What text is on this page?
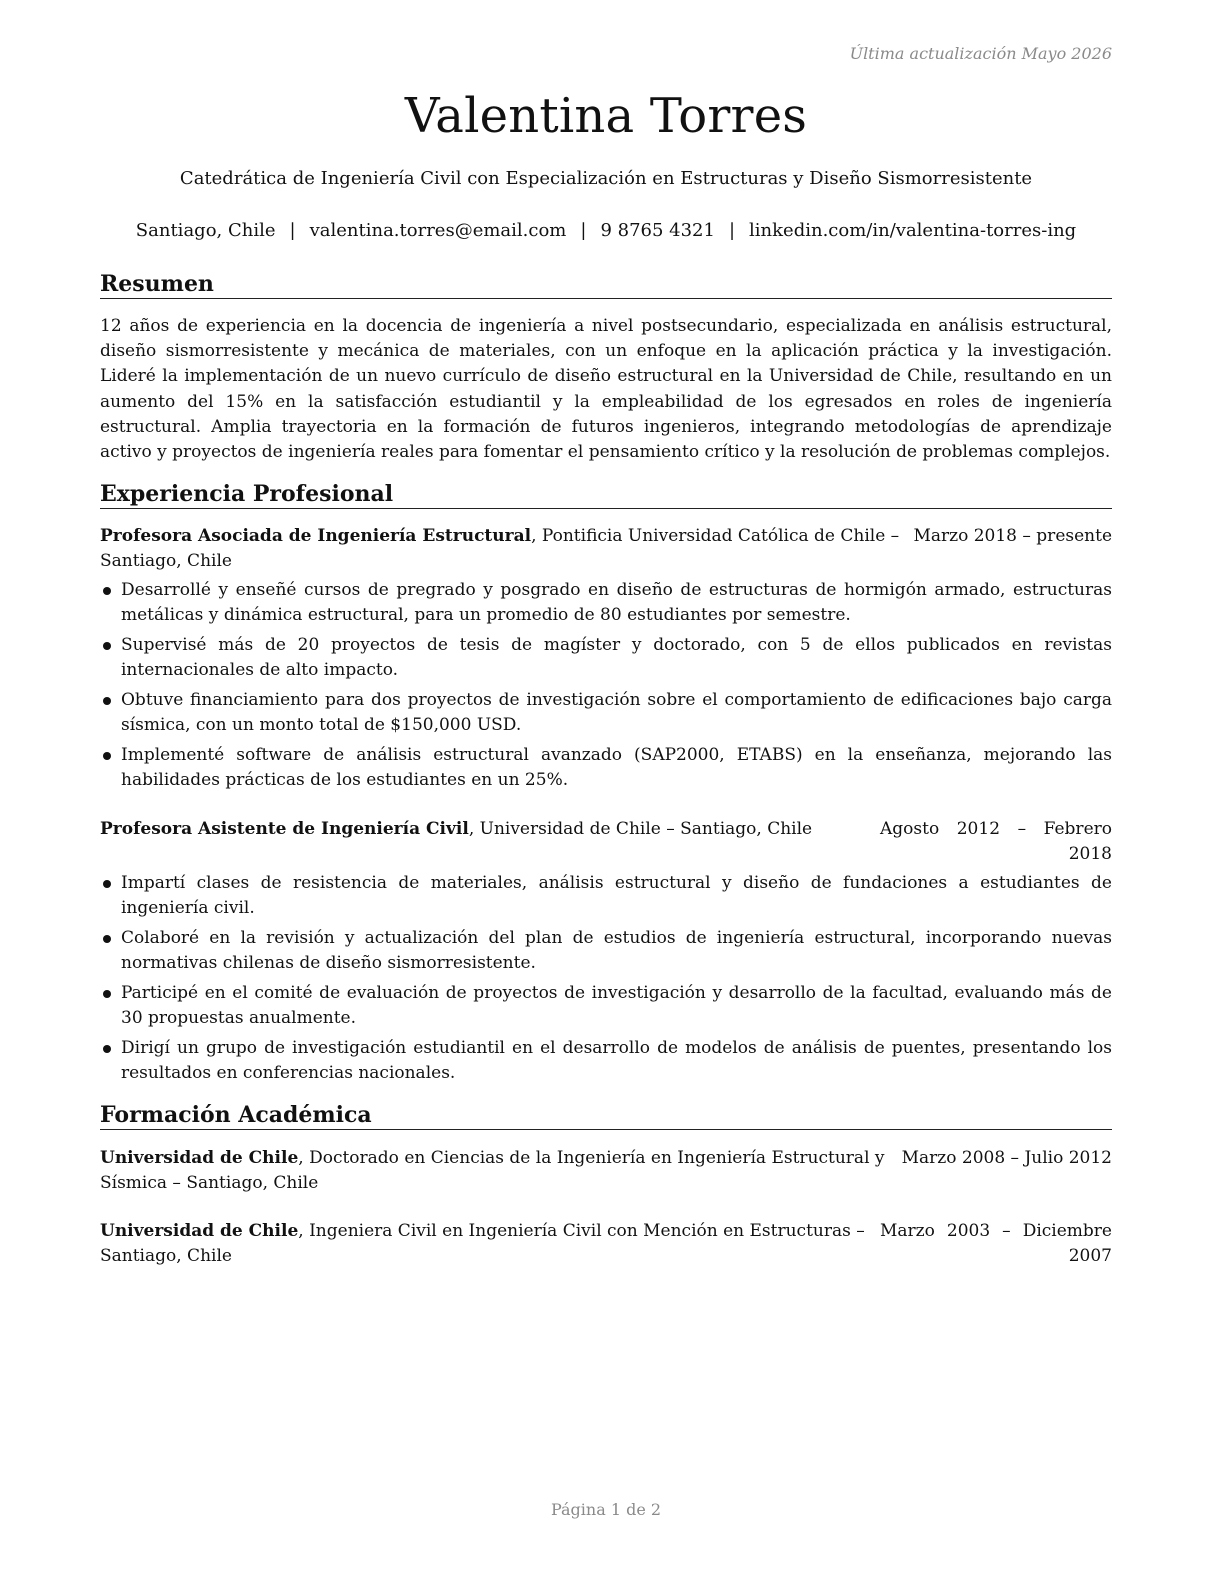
Última actualización Mayo 2026
Valentina Torres
Catedrática de Ingeniería Civil con Especialización en Estructuras y Diseño Sismorresistente
Santiago, Chile | valentina.torres@email.com | 9 8765 4321 | linkedin.com/in/valentina-torres-ing
Resumen
12 años de experiencia en la docencia de ingeniería a nivel postsecundario, especializada en análisis estructural, diseño sismorresistente y mecánica de materiales, con un enfoque en la aplicación práctica y la investigación. Lideré la implementación de un nuevo currículo de diseño estructural en la Universidad de Chile, resultando en un aumento del 15% en la satisfacción estudiantil y la empleabilidad de los egresados en roles de ingeniería estructural. Amplia trayectoria en la formación de futuros ingenieros, integrando metodologías de aprendizaje activo y proyectos de ingeniería reales para fomentar el pensamiento crítico y la resolución de problemas complejos.
Experiencia Profesional
Profesora Asociada de Ingeniería Estructural, Pontificia Universidad Católica de Chile – Santiago, Chile
Marzo 2018 – presente
Desarrollé y enseñé cursos de pregrado y posgrado en diseño de estructuras de hormigón armado, estructuras metálicas y dinámica estructural, para un promedio de 80 estudiantes por semestre.
Supervisé más de 20 proyectos de tesis de magíster y doctorado, con 5 de ellos publicados en revistas internacionales de alto impacto.
Obtuve financiamiento para dos proyectos de investigación sobre el comportamiento de edificaciones bajo carga sísmica, con un monto total de $150,000 USD.
Implementé software de análisis estructural avanzado (SAP2000, ETABS) en la enseñanza, mejorando las habilidades prácticas de los estudiantes en un 25%.
Profesora Asistente de Ingeniería Civil, Universidad de Chile – Santiago, Chile	Agosto 2012 – Febrero 2018
Impartí clases de resistencia de materiales, análisis estructural y diseño de fundaciones a estudiantes de ingeniería civil.
Colaboré en la revisión y actualización del plan de estudios de ingeniería estructural, incorporando nuevas normativas chilenas de diseño sismorresistente.
Participé en el comité de evaluación de proyectos de investigación y desarrollo de la facultad, evaluando más de 30 propuestas anualmente.
Dirigí un grupo de investigación estudiantil en el desarrollo de modelos de análisis de puentes, presentando los resultados en conferencias nacionales.
Formación Académica
Universidad de Chile, Doctorado en Ciencias de la Ingeniería en Ingeniería Estructural y Sísmica – Santiago, Chile
Marzo 2008 – Julio 2012
Universidad de Chile, Ingeniera Civil en Ingeniería Civil con Mención en Estructuras – Santiago, Chile
Marzo 2003 – Diciembre 2007
Página 1 de 2
